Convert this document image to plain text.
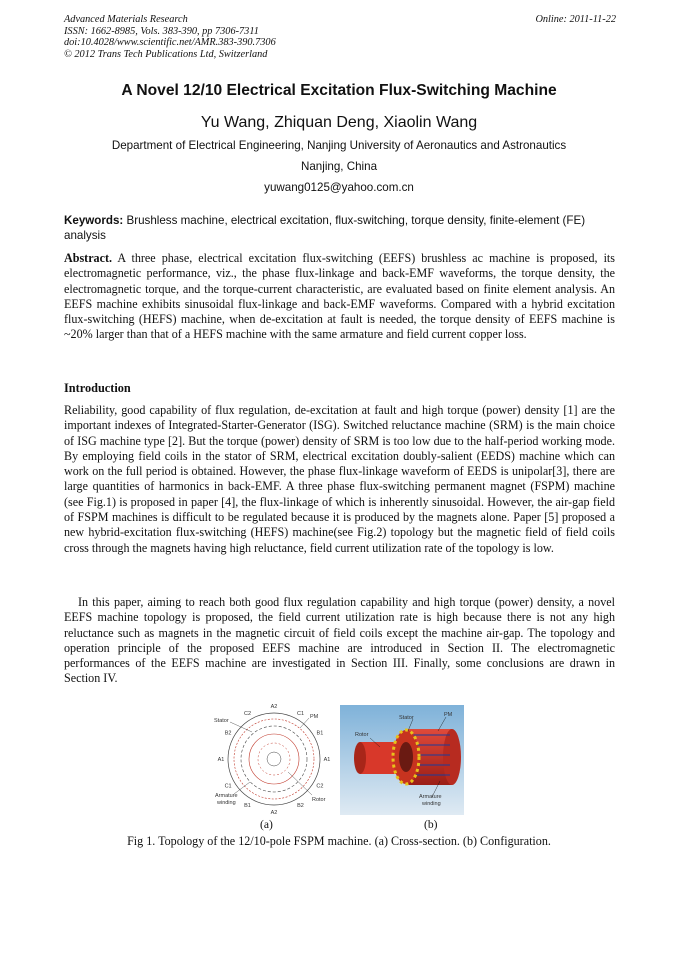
Advanced Materials Research
ISSN: 1662-8985, Vols. 383-390, pp 7306-7311
doi:10.4028/www.scientific.net/AMR.383-390.7306
© 2012 Trans Tech Publications Ltd, Switzerland
Online: 2011-11-22
A Novel 12/10 Electrical Excitation Flux-Switching Machine
Yu Wang, Zhiquan Deng, Xiaolin Wang
Department of Electrical Engineering, Nanjing University of Aeronautics and Astronautics
Nanjing, China
yuwang0125@yahoo.com.cn

Keywords: Brushless machine, electrical excitation, flux-switching, torque density, finite-element (FE) analysis

Abstract. A three phase, electrical excitation flux-switching (EEFS) brushless ac machine is proposed, its electromagnetic performance, viz., the phase flux-linkage and back-EMF waveforms, the torque density, the electromagnetic torque, and the torque-current characteristic, are evaluated based on finite element analysis. An EEFS machine exhibits sinusoidal flux-linkage and back-EMF waveforms. Compared with a hybrid excitation flux-switching (HEFS) machine, when de-excitation at fault is needed, the torque density of EEFS machine is ~20% larger than that of a HEFS machine with the same armature and field current copper loss.

Introduction

Reliability, good capability of flux regulation, de-excitation at fault and high torque (power) density [1] are the important indexes of Integrated-Starter-Generator (ISG). Switched reluctance machine (SRM) is the main choice of ISG machine type [2]. But the torque (power) density of SRM is too low due to the half-period working mode. By employing field coils in the stator of SRM, electrical excitation doubly-salient (EEDS) machine which can work on the full period is obtained. However, the phase flux-linkage waveform of EEDS is unipolar[3], there are large quantities of harmonics in back-EMF. A three phase flux-switching permanent magnet (FSPM) machine (see Fig.1) is proposed in paper [4], the flux-linkage of which is inherently sinusoidal. However, the air-gap field of FSPM machines is difficult to be regulated because it is produced by the magnets alone. Paper [5] proposed a new hybrid-excitation flux-switching (HEFS) machine(see Fig.2) topology but the magnetic field of field coils cross through the magnets having high reluctance, field current utilization rate of the topology is low.

In this paper, aiming to reach both good flux regulation capability and high torque (power) density, a novel EEFS machine topology is proposed, the field current utilization rate is high because there is not any high reluctance such as magnets in the magnetic circuit of field coils except the machine air-gap. The topology and operation principle of the proposed EEFS machine are introduced in Section II. The electromagnetic performances of the EEFS machine are investigated in Section III. Finally, some conclusions are drawn in Section IV.

A2
C1
B1
A1
C2
B2
A2
B1
C1
A1
B2
C2
Stator
PM
Armature
winding	Rotor
Stator	PM
Rotor
Armature
winding
(a)	(b)
Fig 1. Topology of the 12/10-pole FSPM machine. (a) Cross-section. (b) Configuration.
